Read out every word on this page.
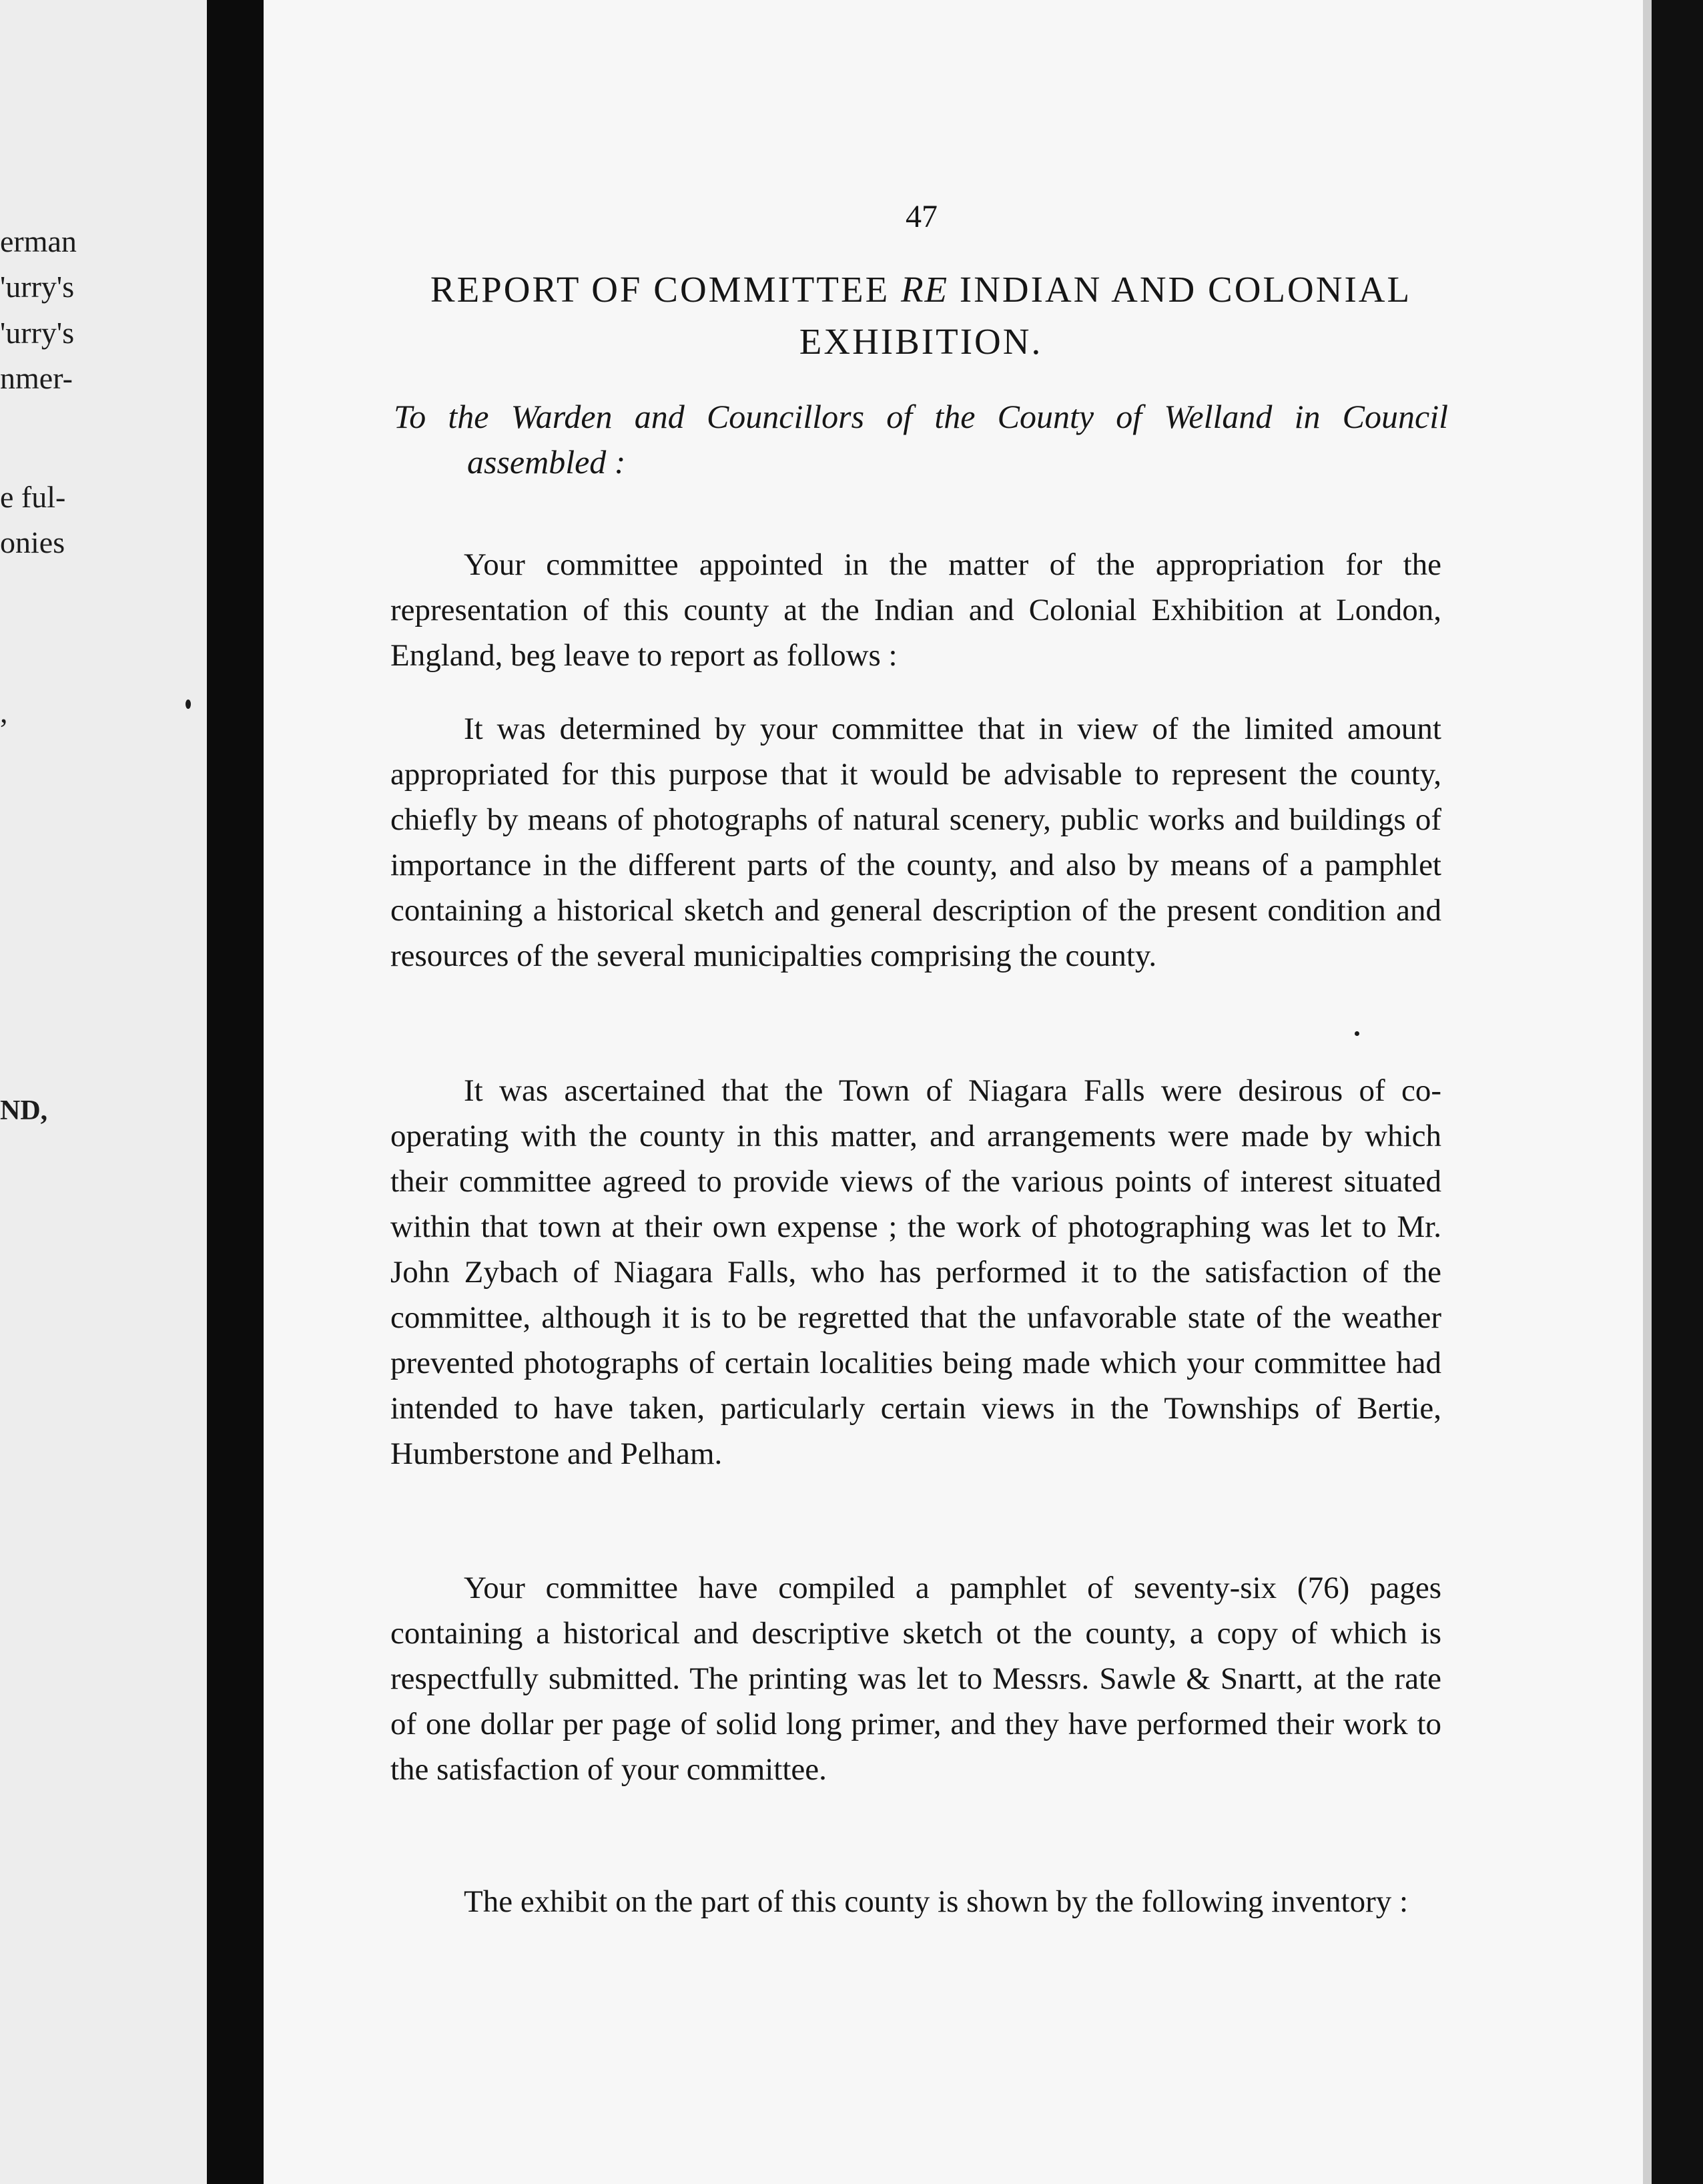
erman
'urry's
'urry's
nmer-
e ful-
onies
,
ND,
47
REPORT OF COMMITTEE RE INDIAN AND COLONIAL EXHIBITION.
To the Warden and Councillors of the County of Welland in Council
assembled :

Your committee appointed in the matter of the appropriation for the representation of this county at the Indian and Colonial Exhibition at London, England, beg leave to report as follows :

It was determined by your committee that in view of the limited amount appropriated for this purpose that it would be advisable to represent the county, chiefly by means of photographs of natural scenery, public works and buildings of importance in the different parts of the county, and also by means of a pamphlet containing a historical sketch and general description of the present condition and resources of the several municipalties comprising the county.

It was ascertained that the Town of Niagara Falls were desirous of co-operating with the county in this matter, and arrangements were made by which their committee agreed to provide views of the various points of interest situated within that town at their own expense ; the work of photographing was let to Mr. John Zybach of Niagara Falls, who has performed it to the satisfaction of the committee, although it is to be regretted that the unfavorable state of the weather prevented photographs of certain localities being made which your committee had intended to have taken, particularly certain views in the Townships of Bertie, Humberstone and Pelham.

Your committee have compiled a pamphlet of seventy-six (76) pages containing a historical and descriptive sketch ot the county, a copy of which is respectfully submitted. The printing was let to Messrs. Sawle & Snartt, at the rate of one dollar per page of solid long primer, and they have performed their work to the satisfaction of your committee.

The exhibit on the part of this county is shown by the following inventory :
